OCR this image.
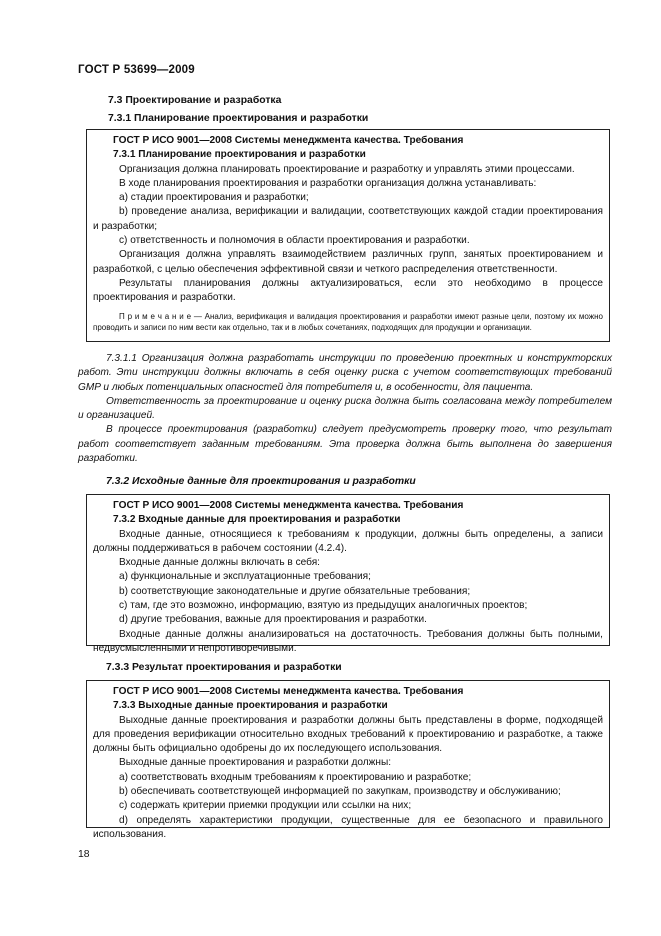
ГОСТ Р 53699—2009
7.3 Проектирование и разработка
7.3.1 Планирование проектирования и разработки
ГОСТ Р ИСО 9001—2008 Системы менеджмента качества. Требования
7.3.1 Планирование проектирования и разработки
Организация должна планировать проектирование и разработку и управлять этими процессами.
В ходе планирования проектирования и разработки организация должна устанавливать:
a) стадии проектирования и разработки;
b) проведение анализа, верификации и валидации, соответствующих каждой стадии проектирования и разработки;
c) ответственность и полномочия в области проектирования и разработки.
Организация должна управлять взаимодействием различных групп, занятых проектированием и разработкой, с целью обеспечения эффективной связи и четкого распределения ответственности.
Результаты планирования должны актуализироваться, если это необходимо в процессе проектирования и разработки.
П р и м е ч а н и е — Анализ, верификация и валидация проектирования и разработки имеют разные цели, поэтому их можно проводить и записи по ним вести как отдельно, так и в любых сочетаниях, подходящих для продукции и организации.
7.3.1.1 Организация должна разработать инструкции по проведению проектных и конструкторских работ. Эти инструкции должны включать в себя оценку риска с учетом соответствующих требований GMP и любых потенциальных опасностей для потребителя и, в особенности, для пациента.
Ответственность за проектирование и оценку риска должна быть согласована между потребителем и организацией.
В процессе проектирования (разработки) следует предусмотреть проверку того, что результат работ соответствует заданным требованиям. Эта проверка должна быть выполнена до завершения разработки.
7.3.2 Исходные данные для проектирования и разработки
ГОСТ Р ИСО 9001—2008 Системы менеджмента качества. Требования
7.3.2 Входные данные для проектирования и разработки
Входные данные, относящиеся к требованиям к продукции, должны быть определены, а записи должны поддерживаться в рабочем состоянии (4.2.4).
Входные данные должны включать в себя:
a) функциональные и эксплуатационные требования;
b) соответствующие законодательные и другие обязательные требования;
c) там, где это возможно, информацию, взятую из предыдущих аналогичных проектов;
d) другие требования, важные для проектирования и разработки.
Входные данные должны анализироваться на достаточность. Требования должны быть полными, недвусмысленными и непротиворечивыми.
7.3.3 Результат проектирования и разработки
ГОСТ Р ИСО 9001—2008 Системы менеджмента качества. Требования
7.3.3 Выходные данные проектирования и разработки
Выходные данные проектирования и разработки должны быть представлены в форме, подходящей для проведения верификации относительно входных требований к проектированию и разработке, а также должны быть официально одобрены до их последующего использования.
Выходные данные проектирования и разработки должны:
a) соответствовать входным требованиям к проектированию и разработке;
b) обеспечивать соответствующей информацией по закупкам, производству и обслуживанию;
c) содержать критерии приемки продукции или ссылки на них;
d) определять характеристики продукции, существенные для ее безопасного и правильного использования.
18
